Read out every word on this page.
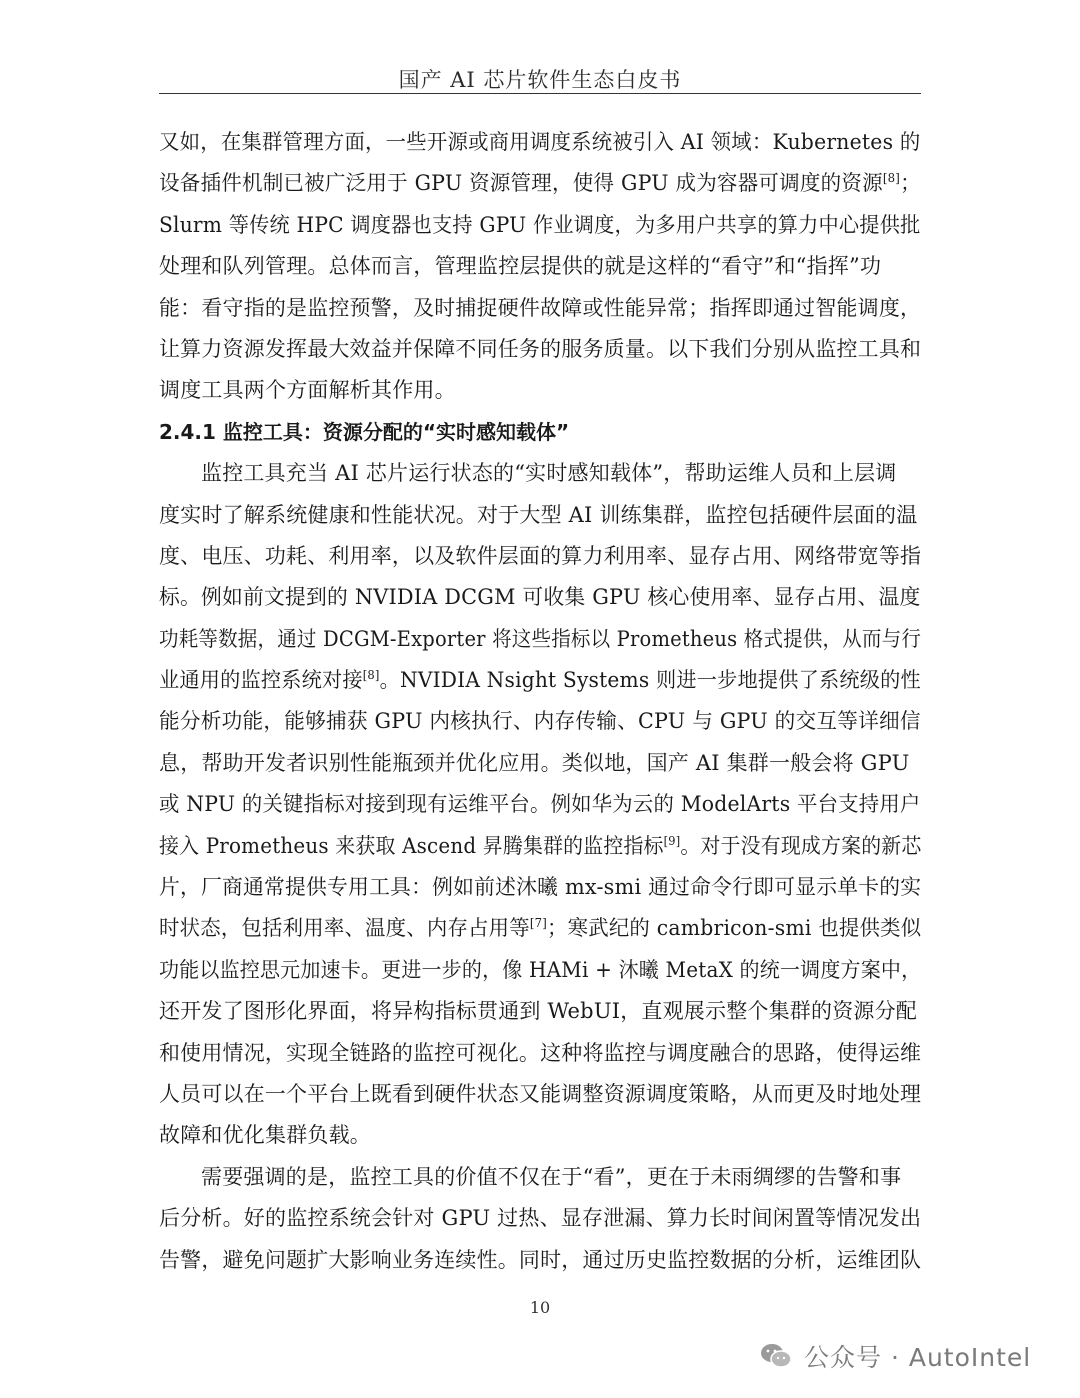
国产 AI 芯片软件生态白皮书
又如，在集群管理方面，一些开源或商用调度系统被引入 AI 领域：Kubernetes 的
设备插件机制已被广泛用于 GPU 资源管理，使得 GPU 成为容器可调度的资源[8]；
Slurm 等传统 HPC 调度器也支持 GPU 作业调度，为多用户共享的算力中心提供批
处理和队列管理。总体而言，管理监控层提供的就是这样的“看守”和“指挥”功
能：看守指的是监控预警，及时捕捉硬件故障或性能异常；指挥即通过智能调度，
让算力资源发挥最大效益并保障不同任务的服务质量。以下我们分别从监控工具和
调度工具两个方面解析其作用。
2.4.1 监控工具：资源分配的“实时感知载体”
监控工具充当 AI 芯片运行状态的“实时感知载体”，帮助运维人员和上层调
度实时了解系统健康和性能状况。对于大型 AI 训练集群，监控包括硬件层面的温
度、电压、功耗、利用率，以及软件层面的算力利用率、显存占用、网络带宽等指
标。例如前文提到的 NVIDIA DCGM 可收集 GPU 核心使用率、显存占用、温度
功耗等数据，通过 DCGM-Exporter 将这些指标以 Prometheus 格式提供，从而与行
业通用的监控系统对接[8]。NVIDIA Nsight Systems 则进一步地提供了系统级的性
能分析功能，能够捕获 GPU 内核执行、内存传输、CPU 与 GPU 的交互等详细信
息，帮助开发者识别性能瓶颈并优化应用。类似地，国产 AI 集群一般会将 GPU
或 NPU 的关键指标对接到现有运维平台。例如华为云的 ModelArts 平台支持用户
接入 Prometheus 来获取 Ascend 昇腾集群的监控指标[9]。对于没有现成方案的新芯
片，厂商通常提供专用工具：例如前述沐曦 mx-smi 通过命令行即可显示单卡的实
时状态，包括利用率、温度、内存占用等[7]；寒武纪的 cambricon-smi 也提供类似
功能以监控思元加速卡。更进一步的，像 HAMi + 沐曦 MetaX 的统一调度方案中，
还开发了图形化界面，将异构指标贯通到 WebUI，直观展示整个集群的资源分配
和使用情况，实现全链路的监控可视化。这种将监控与调度融合的思路，使得运维
人员可以在一个平台上既看到硬件状态又能调整资源调度策略，从而更及时地处理
故障和优化集群负载。
需要强调的是，监控工具的价值不仅在于“看”，更在于未雨绸缪的告警和事
后分析。好的监控系统会针对 GPU 过热、显存泄漏、算力长时间闲置等情况发出
告警，避免问题扩大影响业务连续性。同时，通过历史监控数据的分析，运维团队
10
公众号 · AutoIntel
